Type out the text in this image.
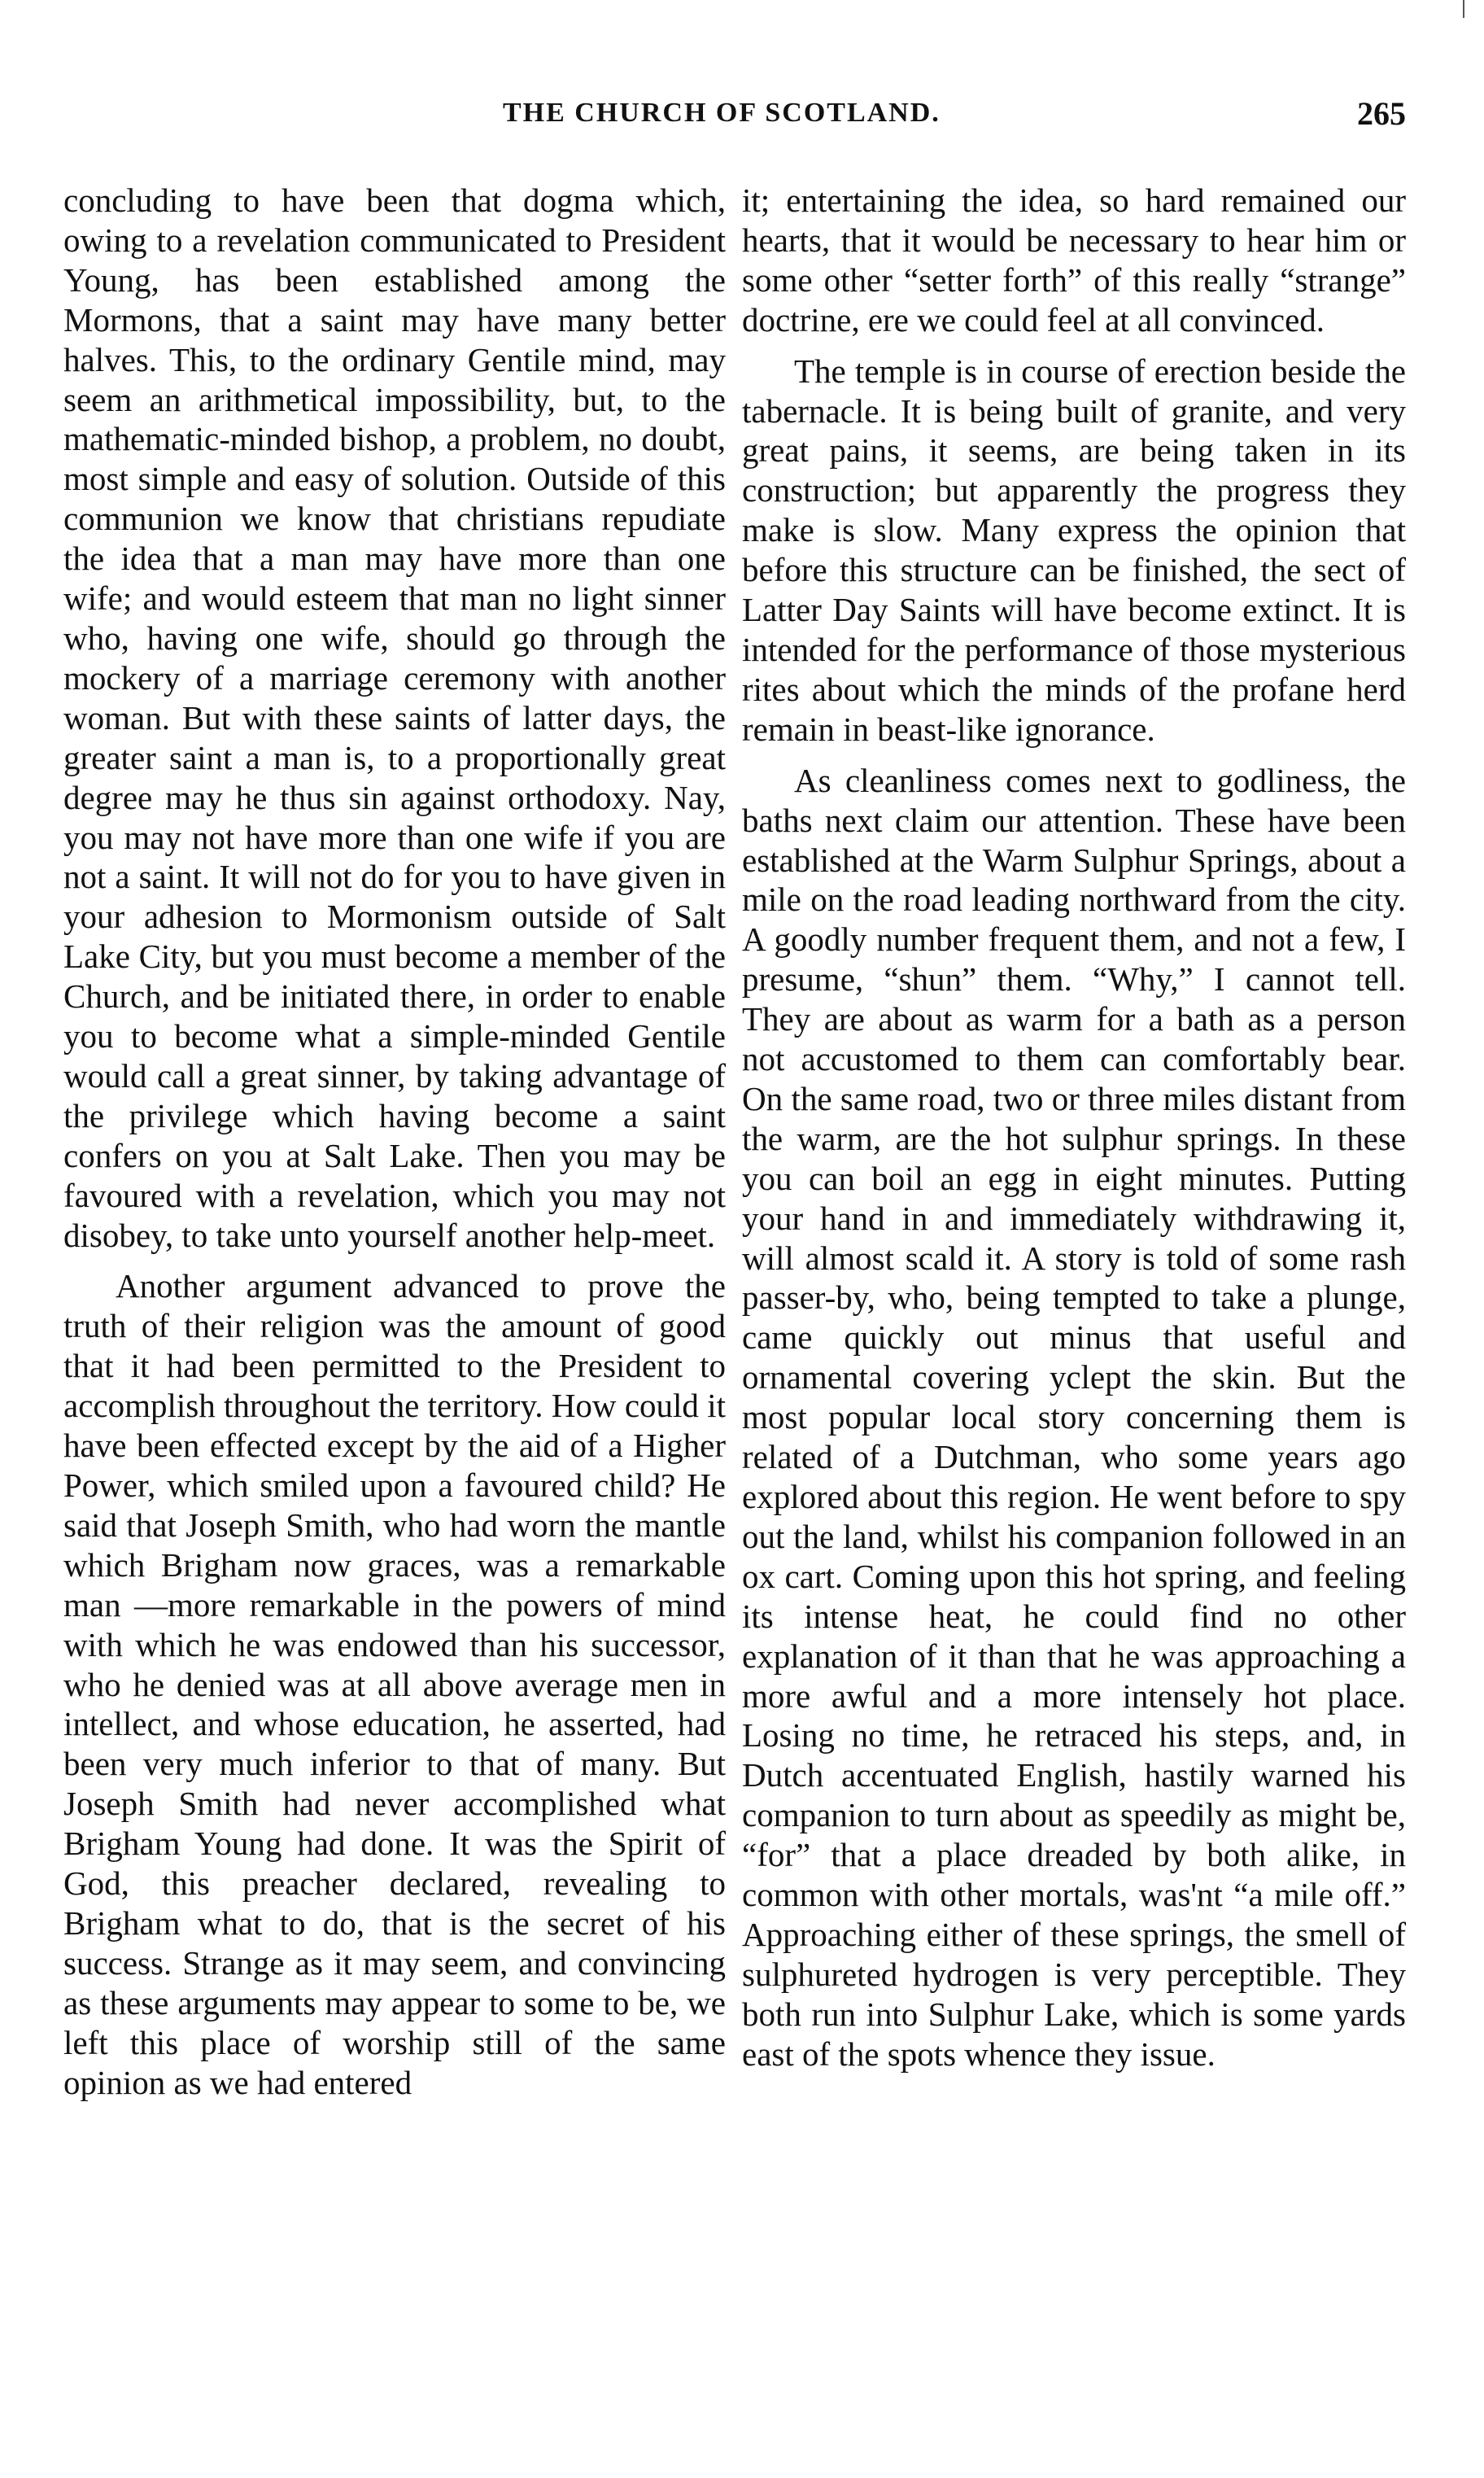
THE CHURCH OF SCOTLAND.	265

concluding to have been that dogma which, owing to a revelation communicated to President Young, has been established among the Mormons, that a saint may have many better halves. This, to the ordinary Gentile mind, may seem an arithmetical impossibility, but, to the mathematic-minded bishop, a problem, no doubt, most simple and easy of solution. Outside of this communion we know that christians repudiate the idea that a man may have more than one wife; and would esteem that man no light sinner who, having one wife, should go through the mockery of a marriage ceremony with another woman. But with these saints of latter days, the greater saint a man is, to a proportionally great degree may he thus sin against orthodoxy. Nay, you may not have more than one wife if you are not a saint. It will not do for you to have given in your adhesion to Mormonism outside of Salt Lake City, but you must become a member of the Church, and be initiated there, in order to enable you to become what a simple-minded Gentile would call a great sinner, by taking advantage of the privilege which having become a saint confers on you at Salt Lake. Then you may be favoured with a revelation, which you may not disobey, to take unto yourself another help-meet.

Another argument advanced to prove the truth of their religion was the amount of good that it had been permitted to the President to accomplish throughout the territory. How could it have been effected except by the aid of a Higher Power, which smiled upon a favoured child? He said that Joseph Smith, who had worn the mantle which Brigham now graces, was a remarkable man —more remarkable in the powers of mind with which he was endowed than his successor, who he denied was at all above average men in intellect, and whose education, he asserted, had been very much inferior to that of many. But Joseph Smith had never accomplished what Brigham Young had done. It was the Spirit of God, this preacher declared, revealing to Brigham what to do, that is the secret of his success. Strange as it may seem, and convincing as these arguments may appear to some to be, we left this place of worship still of the same opinion as we had entered

it; entertaining the idea, so hard remained our hearts, that it would be necessary to hear him or some other “setter forth” of this really “strange” doctrine, ere we could feel at all convinced.

The temple is in course of erection beside the tabernacle. It is being built of granite, and very great pains, it seems, are being taken in its construction; but apparently the progress they make is slow. Many express the opinion that before this structure can be finished, the sect of Latter Day Saints will have become extinct. It is intended for the performance of those mysterious rites about which the minds of the profane herd remain in beast-like ignorance.

As cleanliness comes next to godliness, the baths next claim our attention. These have been established at the Warm Sulphur Springs, about a mile on the road leading northward from the city. A goodly number frequent them, and not a few, I presume, “shun” them. “Why,” I cannot tell. They are about as warm for a bath as a person not accustomed to them can comfortably bear. On the same road, two or three miles distant from the warm, are the hot sulphur springs. In these you can boil an egg in eight minutes. Putting your hand in and immediately withdrawing it, will almost scald it. A story is told of some rash passer-by, who, being tempted to take a plunge, came quickly out minus that useful and ornamental covering yclept the skin. But the most popular local story concerning them is related of a Dutchman, who some years ago explored about this region. He went before to spy out the land, whilst his companion followed in an ox cart. Coming upon this hot spring, and feeling its intense heat, he could find no other explanation of it than that he was approaching a more awful and a more intensely hot place. Losing no time, he retraced his steps, and, in Dutch accentuated English, hastily warned his companion to turn about as speedily as might be, “for” that a place dreaded by both alike, in common with other mortals, was'nt “a mile off.” Approaching either of these springs, the smell of sulphureted hydrogen is very perceptible. They both run into Sulphur Lake, which is some yards east of the spots whence they issue.
